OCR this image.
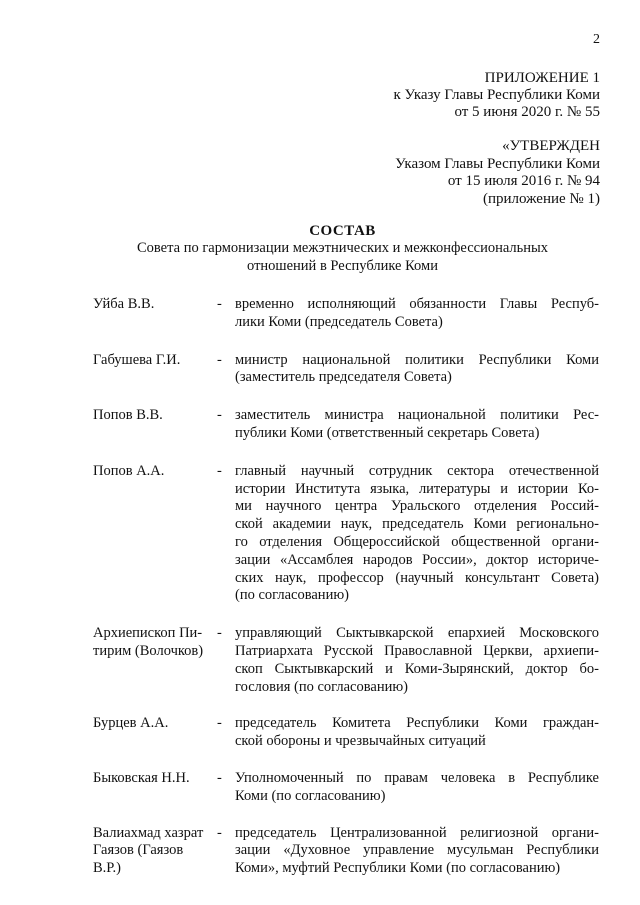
2
ПРИЛОЖЕНИЕ 1
к Указу Главы Республики Коми
от 5 июня 2020 г. № 55
«УТВЕРЖДЕН
Указом Главы Республики Коми
от 15 июля 2016 г. № 94
(приложение № 1)
СОСТАВ
Совета по гармонизации межэтнических и межконфессиональных
отношений в Республике Коми
Уйба В.В.	- временно исполняющий обязанности Главы Респуб-
лики Коми (председатель Совета)
Габушева Г.И.	- министр национальной политики Республики Коми
(заместитель председателя Совета)
Попов В.В.	- заместитель министра национальной политики Рес-
публики Коми (ответственный секретарь Совета)
Попов А.А.	- главный научный сотрудник сектора отечественной
истории Института языка, литературы и истории Ко-
ми научного центра Уральского отделения Россий-
ской академии наук, председатель Коми регионально-
го отделения Общероссийской общественной органи-
зации «Ассамблея народов России», доктор историче-
ских наук, профессор (научный консультант Совета)
(по согласованию)
Архиепископ Пи-
тирим (Волочков)
- управляющий Сыктывкарской епархией Московского
Патриархата Русской Православной Церкви, архиепи-
скоп Сыктывкарский и Коми-Зырянский, доктор бо-
гословия (по согласованию)
Бурцев А.А.	- председатель Комитета Республики Коми граждан-
ской обороны и чрезвычайных ситуаций
Быковская Н.Н.	- Уполномоченный по правам человека в Республике
Коми (по согласованию)
Валиахмад хазрат
Гаязов (Гаязов
В.Р.)
- председатель Централизованной религиозной органи-
зации «Духовное управление мусульман Республики
Коми», муфтий Республики Коми (по согласованию)
